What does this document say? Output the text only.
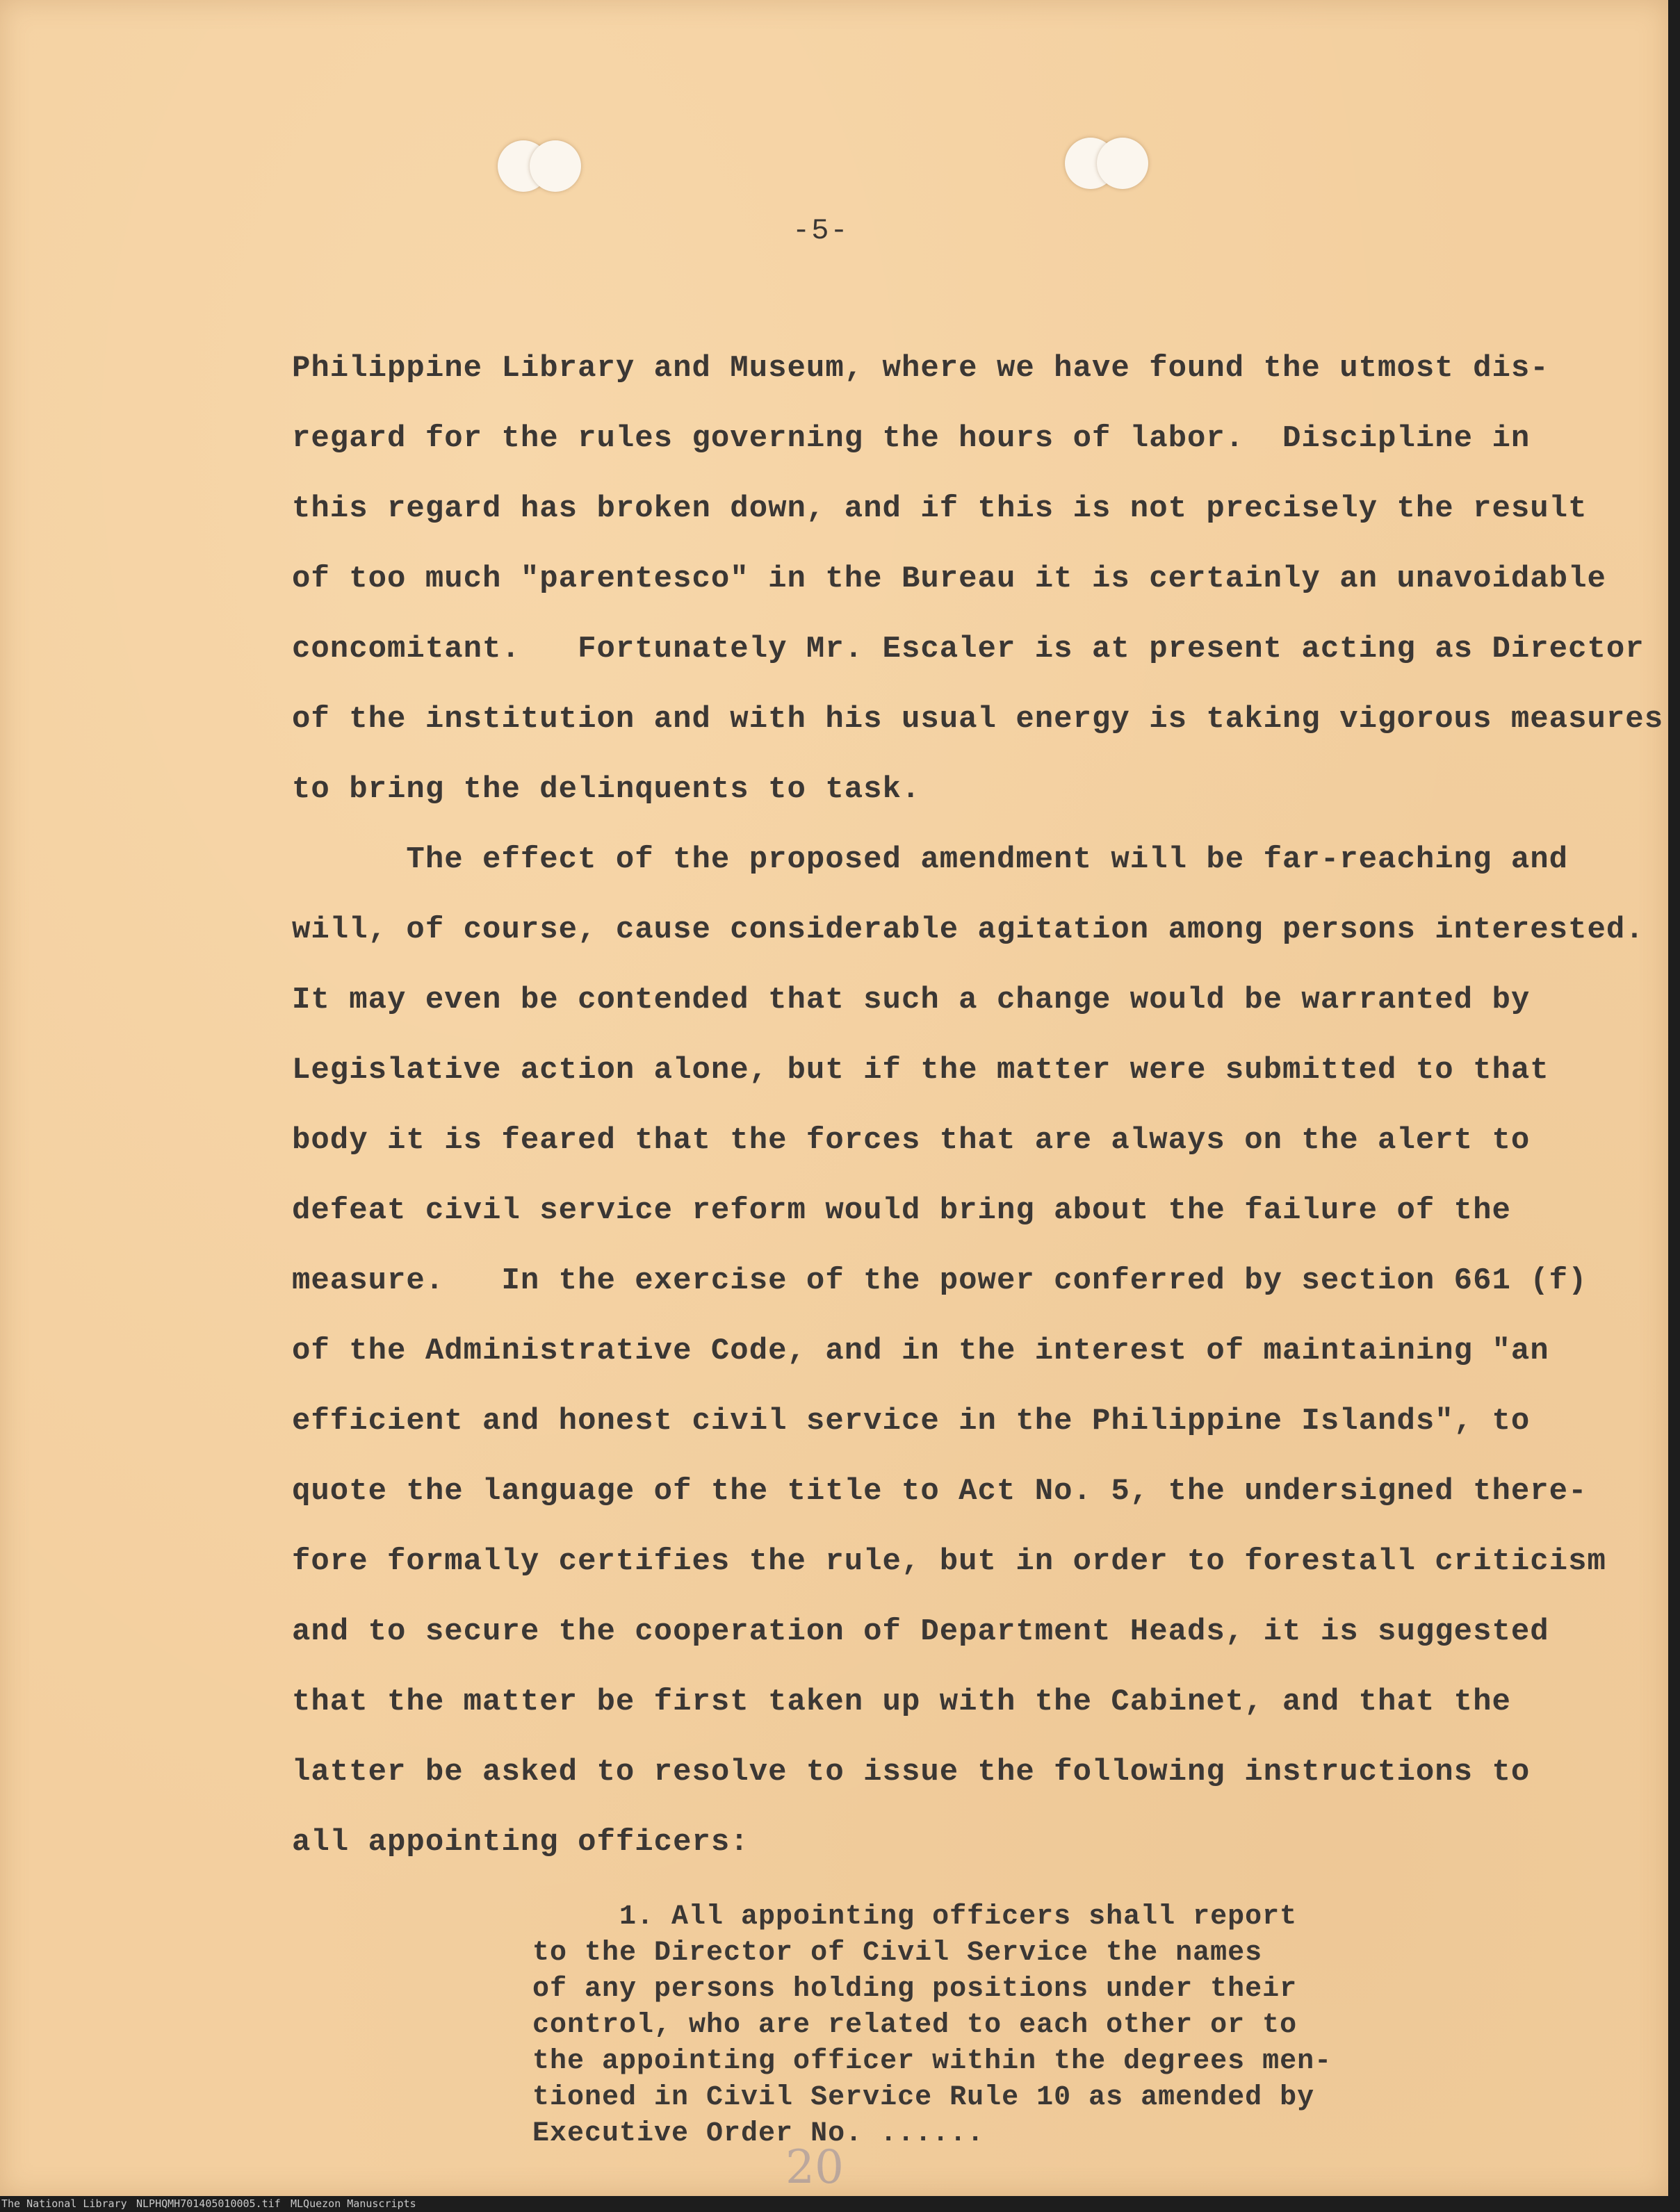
-5-
Philippine Library and Museum, where we have found the utmost dis-
regard for the rules governing the hours of labor.  Discipline in
this regard has broken down, and if this is not precisely the result
of too much "parentesco" in the Bureau it is certainly an unavoidable
concomitant.   Fortunately Mr. Escaler is at present acting as Director
of the institution and with his usual energy is taking vigorous measures
to bring the delinquents to task.
The effect of the proposed amendment will be far-reaching and
will, of course, cause considerable agitation among persons interested.
It may even be contended that such a change would be warranted by
Legislative action alone, but if the matter were submitted to that
body it is feared that the forces that are always on the alert to
defeat civil service reform would bring about the failure of the
measure.   In the exercise of the power conferred by section 661 (f)
of the Administrative Code, and in the interest of maintaining "an
efficient and honest civil service in the Philippine Islands", to
quote the language of the title to Act No. 5, the undersigned there-
fore formally certifies the rule, but in order to forestall criticism
and to secure the cooperation of Department Heads, it is suggested
that the matter be first taken up with the Cabinet, and that the
latter be asked to resolve to issue the following instructions to
all appointing officers:
1. All appointing officers shall report
to the Director of Civil Service the names
of any persons holding positions under their
control, who are related to each other or to
the appointing officer within the degrees men-
tioned in Civil Service Rule 10 as amended by
Executive Order No. ......
20
The National Library NLPHQMH701405010005.tif MLQuezon Manuscripts
